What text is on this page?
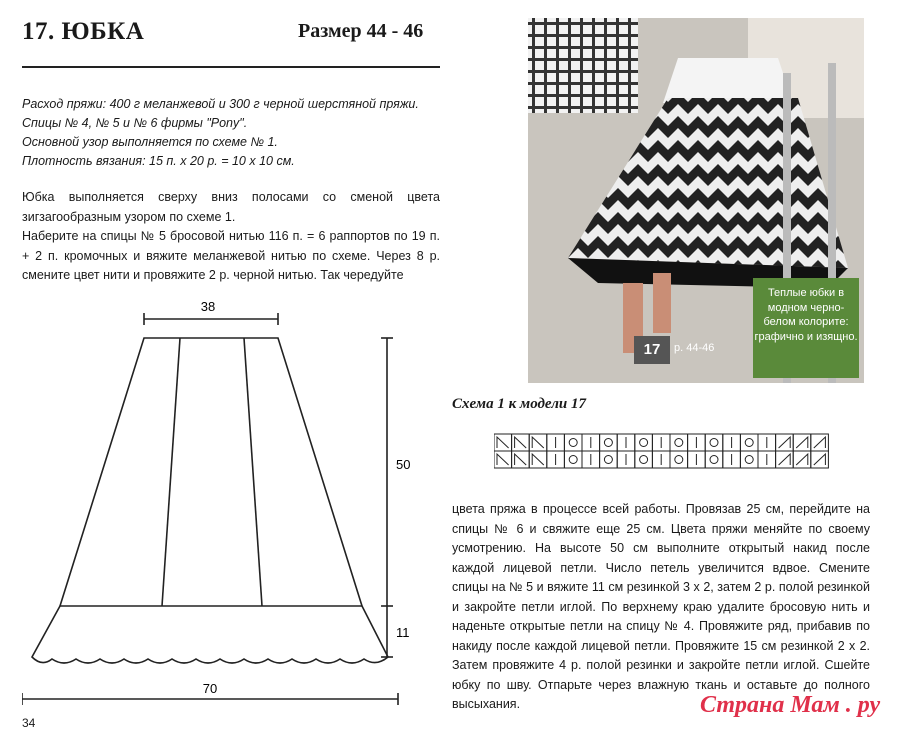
17. ЮБКА	Размер 44 - 46
Расход пряжи: 400 г меланжевой и 300 г черной шерстяной пряжи.
Спицы № 4, № 5 и № 6 фирмы "Pony".
Основной узор выполняется по схеме № 1.
Плотность вязания: 15 п. х 20 р. = 10 х 10 см.

Юбка выполняется сверху вниз полосами со сменой цвета зигзагообразным узором по схеме 1.

Наберите на спицы № 5 бросовой нитью 116 п. = 6 раппортов по 19 п. + 2 п. кромочных и вяжите меланжевой нитью по схеме. Через 8 р. смените цвет нити и провяжите 2 р. черной нитью. Так чередуйте

38
50
11
70
17	р. 44-46
Теплые юбки в модном черно-белом колорите: графично и изящно.
Схема 1 к модели 17
цвета пряжа в процессе всей работы. Провязав 25 см, перейдите на спицы № 6 и свяжите еще 25 см. Цвета пряжи меняйте по своему усмотрению. На высоте 50 см выполните открытый накид после каждой лицевой петли. Число петель увеличится вдвое. Смените спицы на № 5 и вяжите 11 см резинкой 3 х 2, затем 2 р. полой резинкой и закройте петли иглой. По верхнему краю удалите бросовую нить и наденьте открытые петли на спицу № 4. Провяжите ряд, прибавив по накиду после каждой лицевой петли. Провяжите 15 см резинкой 2 х 2. Затем провяжите 4 р. полой резинки и закройте петли иглой. Сшейте юбку по шву. Отпарьте через влажную ткань и оставьте до полного высыхания.
34
Страна Мам . ру
